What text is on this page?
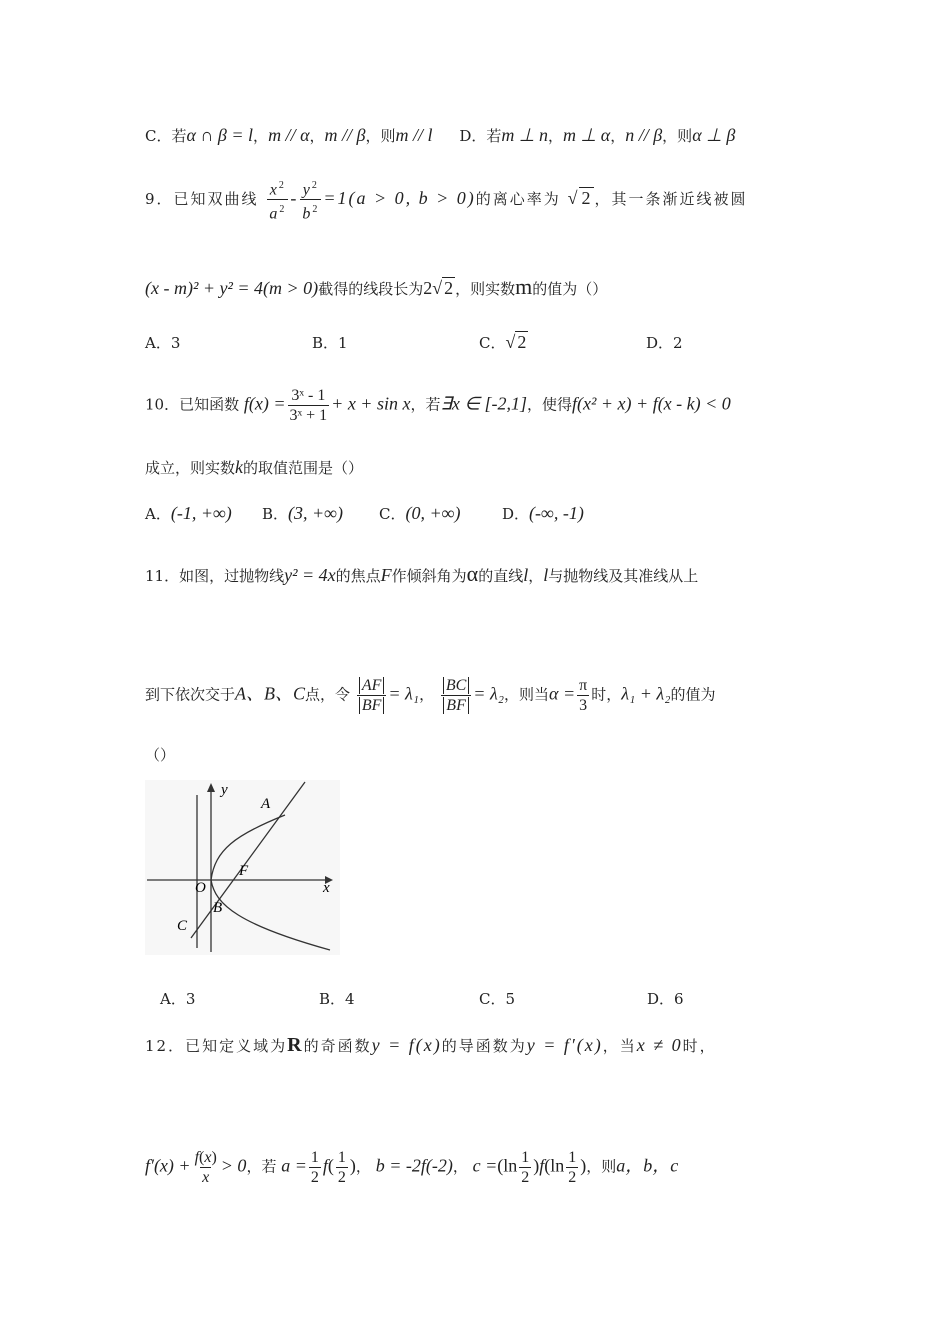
C．若α ∩ β = l，m // α，m // β，则m // l D．若m ⊥ n，m ⊥ α，n // β，则α ⊥ β
9．已知双曲线 $\frac{x^2}{a^2} - \frac{y^2}{b^2} =1(a > 0$, b > 0)的离心率为 √ 2 ，其一条渐近线被圆
(x - m)² + y² = 4(m > 0)截得的线段长为2√ 2 ，则实数m的值为（）
A．3	B．1	C．√ 2	D．2
10．已知函数 $f(x) = \frac{\text{3ˣ - 1}}{\text{3ˣ + 1}} + x + \sin x$，若∃x ∈ [-2,1]，使得f(x² + x) + f(x - k) < 0
成立，则实数k的取值范围是（）
A．(-1, +∞) B．(3, +∞) C．(0, +∞)	D．(-∞, -1)
11．如图，过抛物线y² = 4x的焦点F作倾斜角为α的直线l，l与抛物线及其准线从上
到下依次交于A、B、C点，令 $\frac{AF}{BF} = \lambda_1$， $\frac{BC}{BF} = \lambda_2$，则当$\alpha = \frac{\pi}{3}$ 时，λ₁ + λ₂的值为
（）
y
x
A
F
O
B
C
A．3	B．4	C．5	D．6
12．已知定义域为R的奇函数y = f(x)的导函数为y = f′(x)，当x ≠ 0时，
$f'(x) + \frac{f(x)}{x} > 0$，若 $a = \frac{1}{2} f( \frac{1}{2}$ )， b = -2f(-2)， $c =(\ln \frac{1}{2} )f(\ln \frac{1}{2}$ )，则a，b，c
